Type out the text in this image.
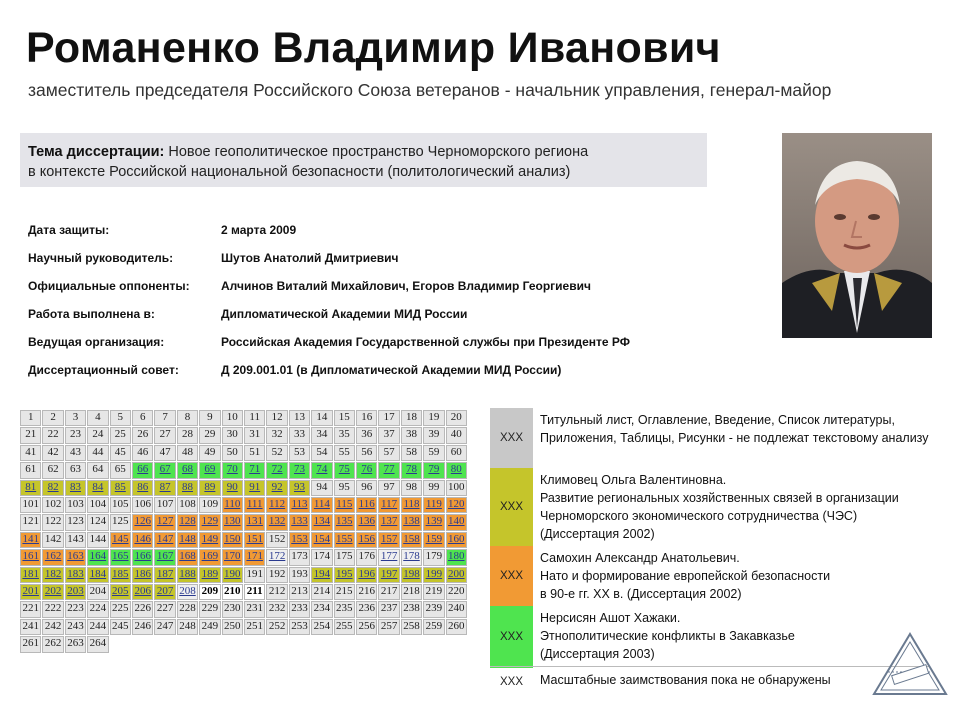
Романенко Владимир Иванович
заместитель председателя Российского Союза ветеранов - начальник управления, генерал-майор
Тема диссертации: Новое геополитическое пространство Черноморского региона
в контексте Российской национальной безопасности (политологический анализ)
Дата защиты:	2 марта 2009
Научный руководитель:	Шутов Анатолий Дмитриевич
Официальные оппоненты:	Алчинов Виталий Михайлович, Егоров Владимир Георгиевич
Работа выполнена в:	Дипломатической Академии МИД России
Ведущая организация:	Российская Академия Государственной службы при Президенте РФ
Диссертационный совет:	Д 209.001.01 (в Дипломатической Академии МИД России)
1	2	3	4	5	6	7	8	9	10	11	12	13	14	15	16	17	18	19	20
21	22	23	24	25	26	27	28	29	30	31	32	33	34	35	36	37	38	39	40
41	42	43	44	45	46	47	48	49	50	51	52	53	54	55	56	57	58	59	60
61	62	63	64	65	66	67	68	69	70	71	72	73	74	75	76	77	78	79	80
81	82	83	84	85	86	87	88	89	90	91	92	93	94	95	96	97	98	99 100
101 102 103 104 105 106 107 108 109 110 111 112 113 114 115 116 117 118 119 120
121 122 123 124 125 126 127 128 129 130 131 132 133 134 135 136 137 138 139 140
141 142 143 144 145 146 147 148 149 150 151 152 153 154 155 156 157 158 159 160
161 162 163 164 165 166 167 168 169 170 171 172 173 174 175 176 177 178 179 180
181 182 183 184 185 186 187 188 189 190 191 192 193 194 195 196 197 198 199 200
201 202 203 204 205 206 207 208 209 210 211 212 213 214 215 216 217 218 219 220
221 222 223 224 225 226 227 228 229 230 231 232 233 234 235 236 237 238 239 240
241 242 243 244 245 246 247 248 249 250 251 252 253 254 255 256 257 258 259 260
261 262 263 264
XXX
Титульный лист, Оглавление, Введение, Список литературы, Приложения, Таблицы, Рисунки - не подлежат текстовому анализу
XXX
Климовец Ольга Валентиновна.
Развитие региональных хозяйственных связей в организации Черноморского экономического сотрудничества (ЧЭС)
(Диссертация 2002)
XXX
Самохин Александр Анатольевич.
Нато и формирование европейской безопасности
в 90-е гг. XX в. (Диссертация 2002)
XXX
Нерсисян Ашот Хажаки.
Этнополитические конфликты в Закавказье
(Диссертация 2003)
XXX	Масштабные заимствования пока не обнаружены
